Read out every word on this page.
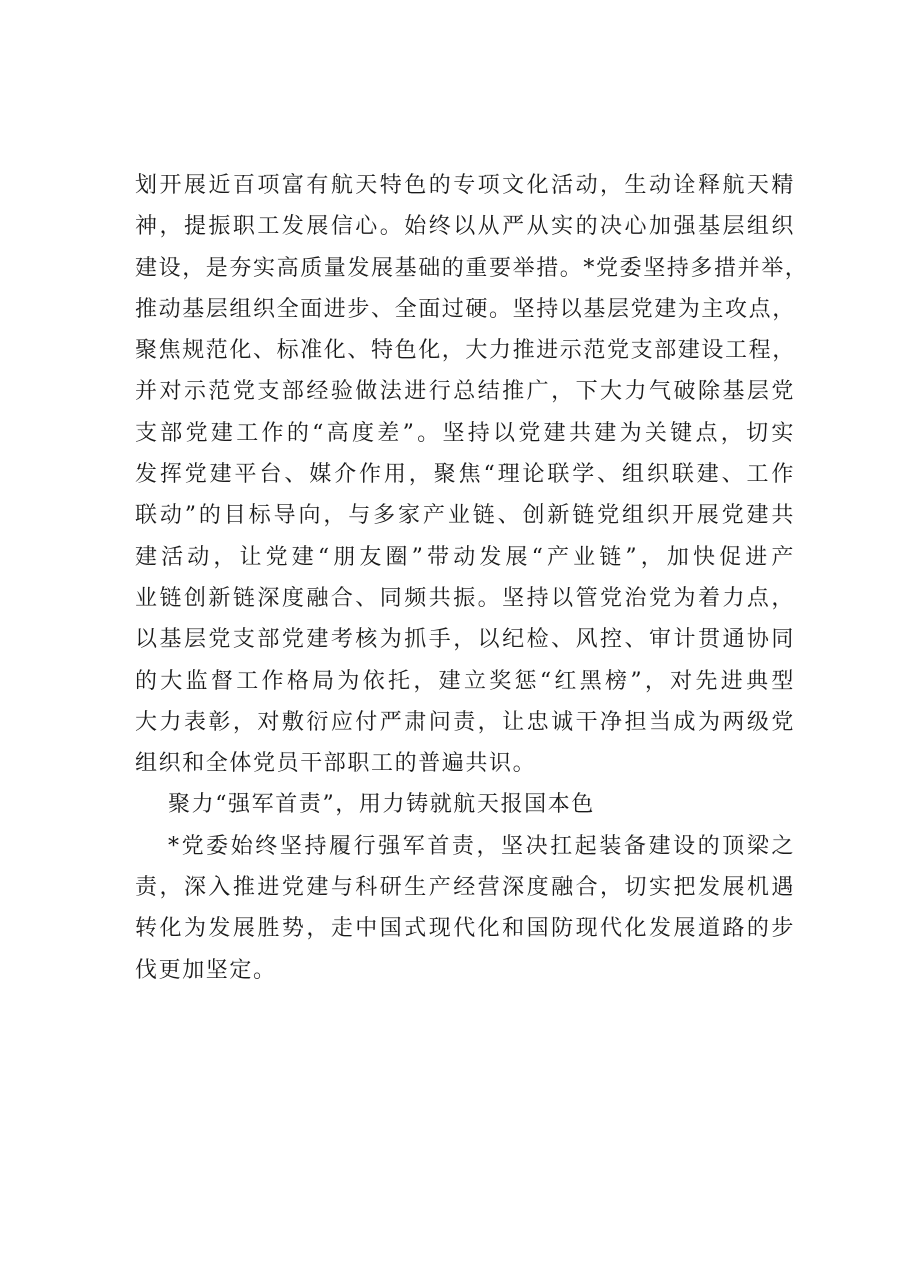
划开展近百项富有航天特色的专项文化活动，生动诠释航天精
神，提振职工发展信心。始终以从严从实的决心加强基层组织
建设，是夯实高质量发展基础的重要举措。*党委坚持多措并举，
推动基层组织全面进步、全面过硬。坚持以基层党建为主攻点，
聚焦规范化、标准化、特色化，大力推进示范党支部建设工程，
并对示范党支部经验做法进行总结推广，下大力气破除基层党
支部党建工作的“高度差”。坚持以党建共建为关键点，切实
发挥党建平台、媒介作用，聚焦“理论联学、组织联建、工作
联动”的目标导向，与多家产业链、创新链党组织开展党建共
建活动，让党建“朋友圈”带动发展“产业链”，加快促进产
业链创新链深度融合、同频共振。坚持以管党治党为着力点，
以基层党支部党建考核为抓手，以纪检、风控、审计贯通协同
的大监督工作格局为依托，建立奖惩“红黑榜”，对先进典型
大力表彰，对敷衍应付严肃问责，让忠诚干净担当成为两级党
组织和全体党员干部职工的普遍共识。
聚力“强军首责”，用力铸就航天报国本色
*党委始终坚持履行强军首责，坚决扛起装备建设的顶梁之
责，深入推进党建与科研生产经营深度融合，切实把发展机遇
转化为发展胜势，走中国式现代化和国防现代化发展道路的步
伐更加坚定。
